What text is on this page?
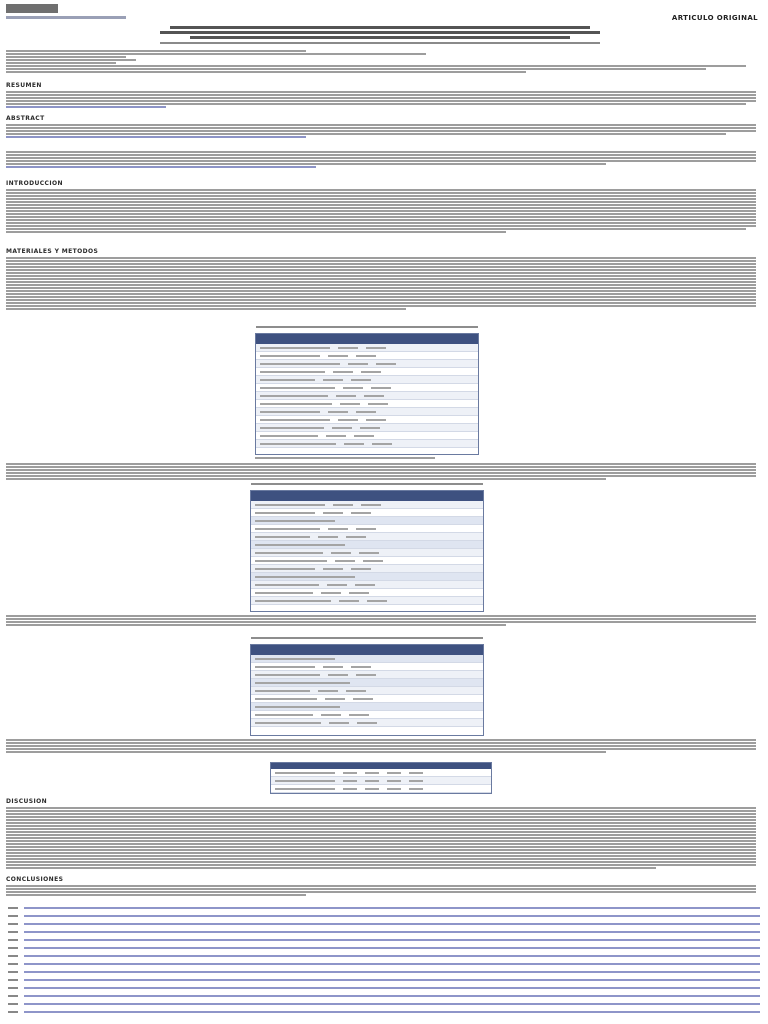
ARTICULO ORIGINAL
RESUMEN
ABSTRACT
INTRODUCCION
MATERIALES Y METODOS
DISCUSION
CONCLUSIONES
